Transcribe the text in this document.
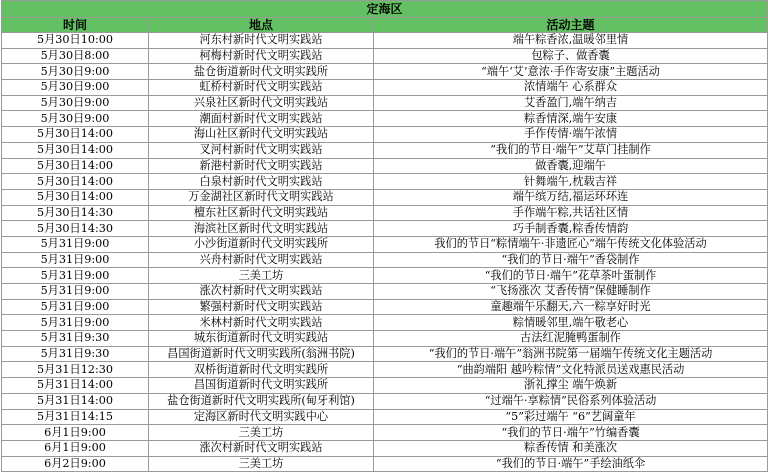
定海区		
时间	地点	活动主题
5月30日10:00	河东村新时代文明实践站	端午粽香浓,温暖邻里情
5月30日8:00	柯梅村新时代文明实践站	包粽子、做香囊
5月30日9:00	盐仓街道新时代文明实践所	“端午‘艾’意浓·手作寄安康”主题活动
5月30日9:00	虹桥村新时代文明实践站	浓情端午 心系群众
5月30日9:00	兴泉社区新时代文明实践站	艾香盈门,端午纳吉
5月30日9:00	潮面村新时代文明实践站	粽香情深,端午安康
5月30日14:00	海山社区新时代文明实践站	手作传情·端午浓情
5月30日14:00	叉河村新时代文明实践站	“我们的节日·端午”艾草门挂制作
5月30日14:00	新港村新时代文明实践站	做香囊,迎端午
5月30日14:00	白泉村新时代文明实践站	针舞端午,枕载吉祥
5月30日14:00	万金湖社区新时代文明实践站	端午缤万结,福运环环连
5月30日14:30	檀东社区新时代文明实践站	手作端午粽,共话社区情
5月30日14:30	海滨社区新时代文明实践站	巧手制香囊,粽香传情韵
5月31日9:00	小沙街道新时代文明实践所	我们的节日“粽情端午·非遗匠心”端午传统文化体验活动
5月31日9:00	兴舟村新时代文明实践站	“我们的节日·端午”香袋制作
5月31日9:00	三美工坊	“我们的节日·端午”花草茶叶蛋制作
5月31日9:00	涨次村新时代文明实践站	“飞扬涨次 艾香传情”保健睡制作
5月31日9:00	繁强村新时代文明实践站	童趣端午乐翻天,六一粽享好时光
5月31日9:00	米林村新时代文明实践站	粽情暖邻里,端午敬老心
5月31日9:30	城东街道新时代文明实践站	古法红泥腌鸭蛋制作
5月31日9:30	昌国街道新时代文明实践所(翁洲书院)	“我们的节日·端午”翁洲书院第一届端午传统文化主题活动
5月31日12:30	双桥街道新时代文明实践所	“曲韵端阳 越吟粽情”文化特派员送戏惠民活动
5月31日14:00	昌国街道新时代文明实践所	浙礼撑尘 端午焕新
5月31日14:00	盐仓街道新时代文明实践所(甸牙利馆)	“过端午·享粽情”民俗系列体验活动
5月31日14:15	定海区新时代文明实践中心	“5”彩过端午 “6”艺阔童年
6月1日9:00	三美工坊	“我们的节日·端午”竹编香囊
6月1日9:00	涨次村新时代文明实践站	粽香传情 和美涨次
6月2日9:00	三美工坊	“我们的节日·端午”手绘油纸伞
